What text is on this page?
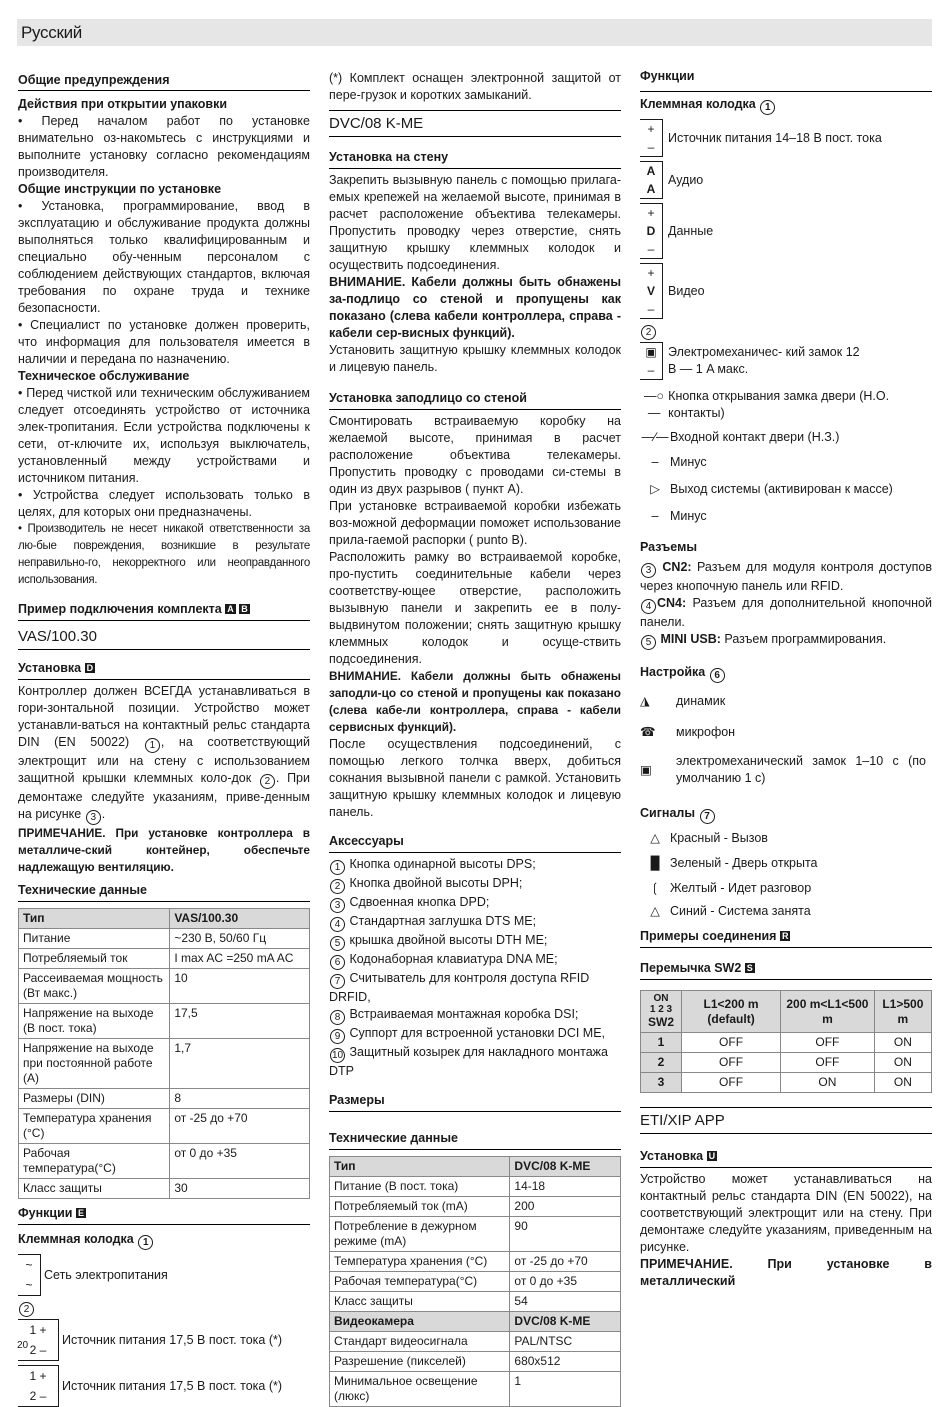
Русский

Общие предупреждения

Действия при открытии упаковки

• Перед началом работ по установке внимательно оз-накомьтесь с инструкциями и выполните установку согласно рекомендациям производителя.

Общие инструкции по установке

• Установка, программирование, ввод в эксплуатацию и обслуживание продукта должны выполняться только квалифицированным и специально обу-ченным персоналом с соблюдением действующих стандартов, включая требования по охране труда и технике безопасности.

• Специалист по установке должен проверить, что информация для пользователя имеется в наличии и передана по назначению.

Техническое обслуживание

• Перед чисткой или техническим обслуживанием следует отсоединять устройство от источника элек-тропитания. Если устройства подключены к сети, от-ключите их, используя выключатель, установленный между устройствами и источником питания.

• Устройства следует использовать только в целях, для которых они предназначены.

• Производитель не несет никакой ответственности за лю-бые повреждения, возникшие в результате неправильно-го, некорректного или неоправданного использования.

Пример подключения комплекта A B

VAS/100.30

Установка D

Контроллер должен ВСЕГДА устанавливаться в гори-зонтальной позиции. Устройство может устанавли-ваться на контактный рельс стандарта DIN (EN 50022) 1 , на соответствующий электрощит или на стену с использованием защитной крышки клеммных коло-док 2 . При демонтаже следуйте указаниям, приве-денным на рисунке 3 .

ПРИМЕЧАНИЕ. При установке контроллера в металличе-ский контейнер, обеспечьте надлежащую вентиляцию.

Технические данные

Тип	VAS/100.30
Питание	~230 В, 50/60 Гц
Потребляемый ток	I max AC =250 mA AC
Рассеиваемая мощность (Вт макс.)	10
Напряжение на выходе (В пост. тока)	17,5
Напряжение на выходе при постоянной работе (A)	1,7
Размеры (DIN)	8
Температура хранения (°C)	от -25 до +70
Рабочая температура(°C)	от 0 до +35
Класс защиты	30

Функции E

Клеммная колодка 1

~
~
Сеть электропитания
2
1 +
2 –
Источник питания 17,5 В пост. тока (*)
1 +
2 –
Источник питания 17,5 В пост. тока (*)

(*) Комплект оснащен электронной защитой от пере-грузок и коротких замыканий.

DVC/08 K-ME

Установка на стену

Закрепить вызывную панель с помощью прилага-емых крепежей на желаемой высоте, принимая в расчет расположение объектива телекамеры. Пропустить проводку через отверстие, снять защитную крышку клеммных колодок и осуществить подсоединения.

ВНИМАНИЕ. Кабели должны быть обнажены за-подлицо со стеной и пропущены как показано (слева кабели контроллера, справа - кабели сер-висных функций).

Установить защитную крышку клеммных колодок и лицевую панель.

Установка заподлицо со стеной

Смонтировать встраиваемую коробку на желаемой высоте, принимая в расчет расположение объектива телекамеры. Пропустить проводку с проводами си-стемы в один из двух разрывов ( пункт A).

При установке встраиваемой коробки избежать воз-можной деформации поможет использование прила-гаемой распорки ( punto B).

Расположить рамку во встраиваемой коробке, про-пустить соединительные кабели через соответству-ющее отверстие, расположить вызывную панели и закрепить ее в полу-выдвинутом положении; снять защитную крышку клеммных колодок и осуще-ствить подсоединения.

ВНИМАНИЕ. Кабели должны быть обнажены заподли-цо со стеной и пропущены как показано (слева кабе-ли контроллера, справа - кабели сервисных функций).

После осуществления подсоединений, с помощью легкого толчка вверх, добиться сокнания вызывной панели с рамкой. Установить защитную крышку клеммных колодок и лицевую панель.

Аксессуары

1 Кнопка одинарной высоты DPS;
2 Кнопка двойной высоты DPH;
3 Сдвоенная кнопка DPD;
4 Стандартная заглушка DTS ME;
5 крышка двойной высоты DTH ME;
6 Кодонаборная клавиатура DNA ME;
7 Считыватель для контроля доступа RFID DRFID,
8 Встраиваемая монтажная коробка DSI;
9 Суппорт для встроенной установки DCI ME,
10 Защитный козырек для накладного монтажа DTP

Размеры

Технические данные

Тип	DVC/08 K-ME
Питание (В пост. тока)	14-18
Потребляемый ток (mA)	200
Потребление в дежурном режиме (mA)	90
Температура хранения (°C)	от -25 до +70
Рабочая температура(°C)	от 0 до +35
Класс защиты	54
Видеокамера	DVC/08 K-ME
Стандарт видеосигнала	PAL/NTSC
Разрешение (пикселей)	680x512
Минимальное освещение (люкс)	1

Функции

Клеммная колодка 1

+
–
Источник питания 14–18 В пост. тока
A
A
Аудио
+
D
–
Данные
+
V
–
Видео
2
▣
–
Электромеханичес- кий замок 12 В — 1 A макс.
—○—
Кнопка открывания замка двери (Н.О. контакты)
—∕— Входной контакт двери (Н.З.)
– Минус
▷ Выход системы (активирован к массе)
– Минус

Разъемы

3 CN2: Разъем для модуля контроля доступов через кнопочную панель или RFID.

4 CN4: Разъем для дополнительной кнопочной панели.

5 MINI USB: Разъем программирования.

Настройка 6

◮	динамик
☎	микрофон
▣
электромеханический замок 1–10 с (по умолчанию 1 с)

Сигналы 7

△ Красный - Вызов
█ Зеленый - Дверь открыта
❲ Желтый - Идет разговор
△ Синий - Система занята

Примеры соединения R

Перемычка SW2 S

ON
1 2 3
SW2	L1<200 m (default)	200 m<L1<500 m	L1>500 m
1	OFF	OFF	ON
2	OFF	OFF	ON
3	OFF	ON	ON

ETI/XIP APP

Установка U

Устройство может устанавливаться на контактный рельс стандарта DIN (EN 50022), на соответствующий электрощит или на стену. При демонтаже следуйте указаниям, приведенным на рисунке.

ПРИМЕЧАНИЕ. При установке в металлический

20
